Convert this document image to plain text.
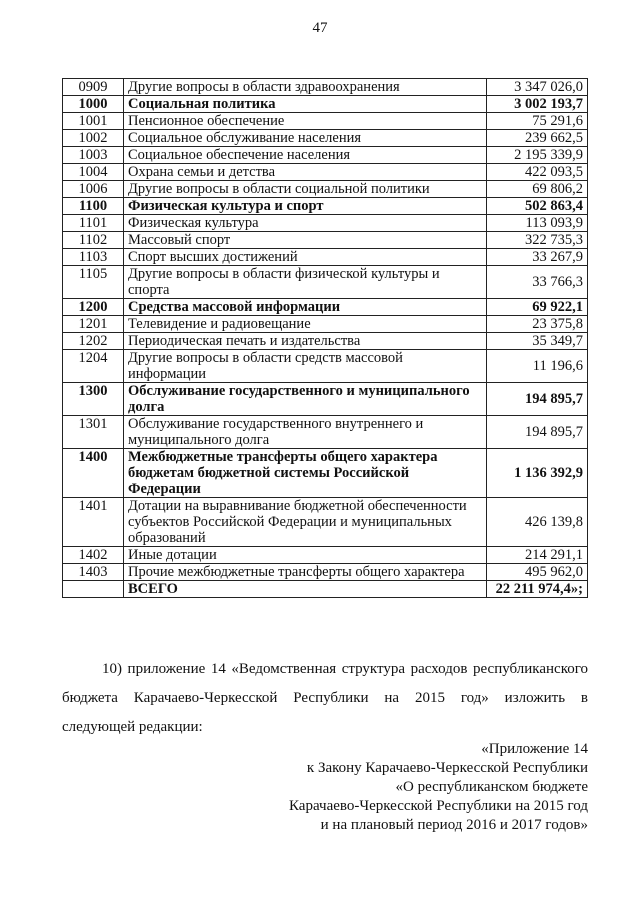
47
0909	Другие вопросы в области здравоохранения	3 347 026,0
1000	Социальная политика	3 002 193,7
1001	Пенсионное обеспечение	75 291,6
1002	Социальное обслуживание населения	239 662,5
1003	Социальное обеспечение населения	2 195 339,9
1004	Охрана семьи и детства	422 093,5
1006	Другие вопросы в области социальной политики	69 806,2
1100	Физическая культура и спорт	502 863,4
1101	Физическая культура	113 093,9
1102	Массовый спорт	322 735,3
1103	Спорт высших достижений	33 267,9
1105	Другие вопросы в области физической культуры и спорта	33 766,3
1200	Средства массовой информации	69 922,1
1201	Телевидение и радиовещание	23 375,8
1202	Периодическая печать и издательства	35 349,7
1204	Другие вопросы в области средств массовой информации	11 196,6
1300	Обслуживание государственного и муниципального долга	194 895,7
1301	Обслуживание государственного внутреннего и муниципального долга	194 895,7
1400	Межбюджетные трансферты общего характера бюджетам бюджетной системы Российской Федерации	1 136 392,9
1401	Дотации на выравнивание бюджетной обеспеченности субъектов Российской Федерации и муниципальных образований	426 139,8
1402	Иные дотации	214 291,1
1403	Прочие межбюджетные трансферты общего характера	495 962,0
	ВСЕГО	22 211 974,4»;
10) приложение 14 «Ведомственная структура расходов республиканского
бюджета Карачаево-Черкесской Республики на 2015 год» изложить в
следующей редакции:
«Приложение 14
к Закону Карачаево-Черкесской Республики
«О республиканском бюджете
Карачаево-Черкесской Республики на 2015 год
и на плановый период 2016 и 2017 годов»
